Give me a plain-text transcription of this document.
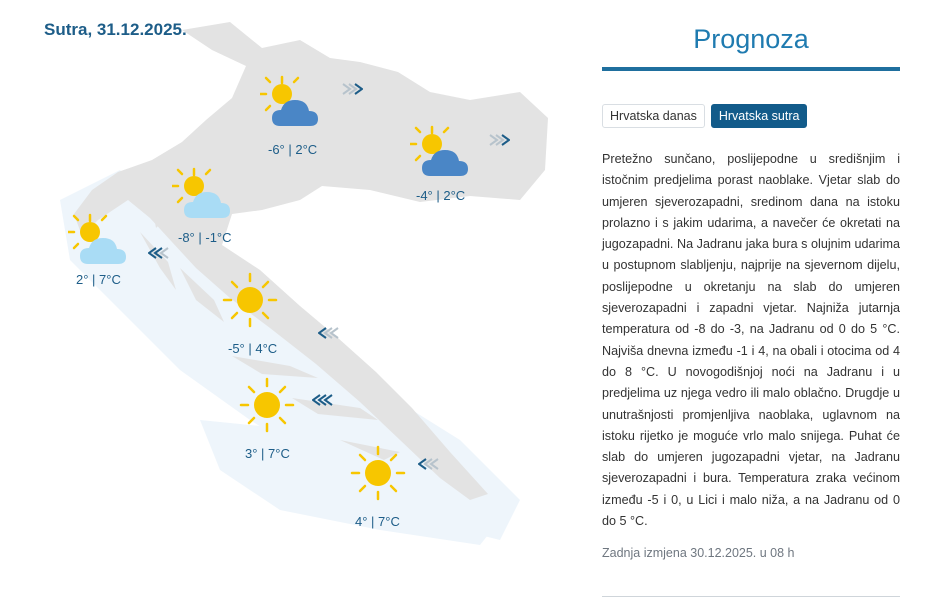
Sutra, 31.12.2025.
-6° | 2°C
-4° | 2°C
-8° | -1°C
2° | 7°C
-5° | 4°C
3° | 7°C
4° | 7°C
Prognoza
Hrvatska danas	Hrvatska sutra
Pretežno sunčano, poslijepodne u središnjim i istočnim predjelima porast naoblake. Vjetar slab do umjeren sjeverozapadni, sredinom dana na istoku prolazno i s jakim udarima, a navečer će okretati na jugozapadni. Na Jadranu jaka bura s olujnim udarima u postupnom slabljenju, najprije na sjevernom dijelu, poslijepodne u okretanju na slab do umjeren sjeverozapadni i zapadni vjetar. Najniža jutarnja temperatura od -8 do -3, na Jadranu od 0 do 5 °C. Najviša dnevna između -1 i 4, na obali i otocima od 4 do 8 °C. U novogodišnjoj noći na Jadranu i u predjelima uz njega vedro ili malo oblačno. Drugdje u unutrašnjosti promjenljiva naoblaka, uglavnom na istoku rijetko je moguće vrlo malo snijega. Puhat će slab do umjeren jugozapadni vjetar, na Jadranu sjeverozapadni i bura. Temperatura zraka većinom između -5 i 0, u Lici i malo niža, a na Jadranu od 0 do 5 °C.
Zadnja izmjena 30.12.2025. u 08 h
